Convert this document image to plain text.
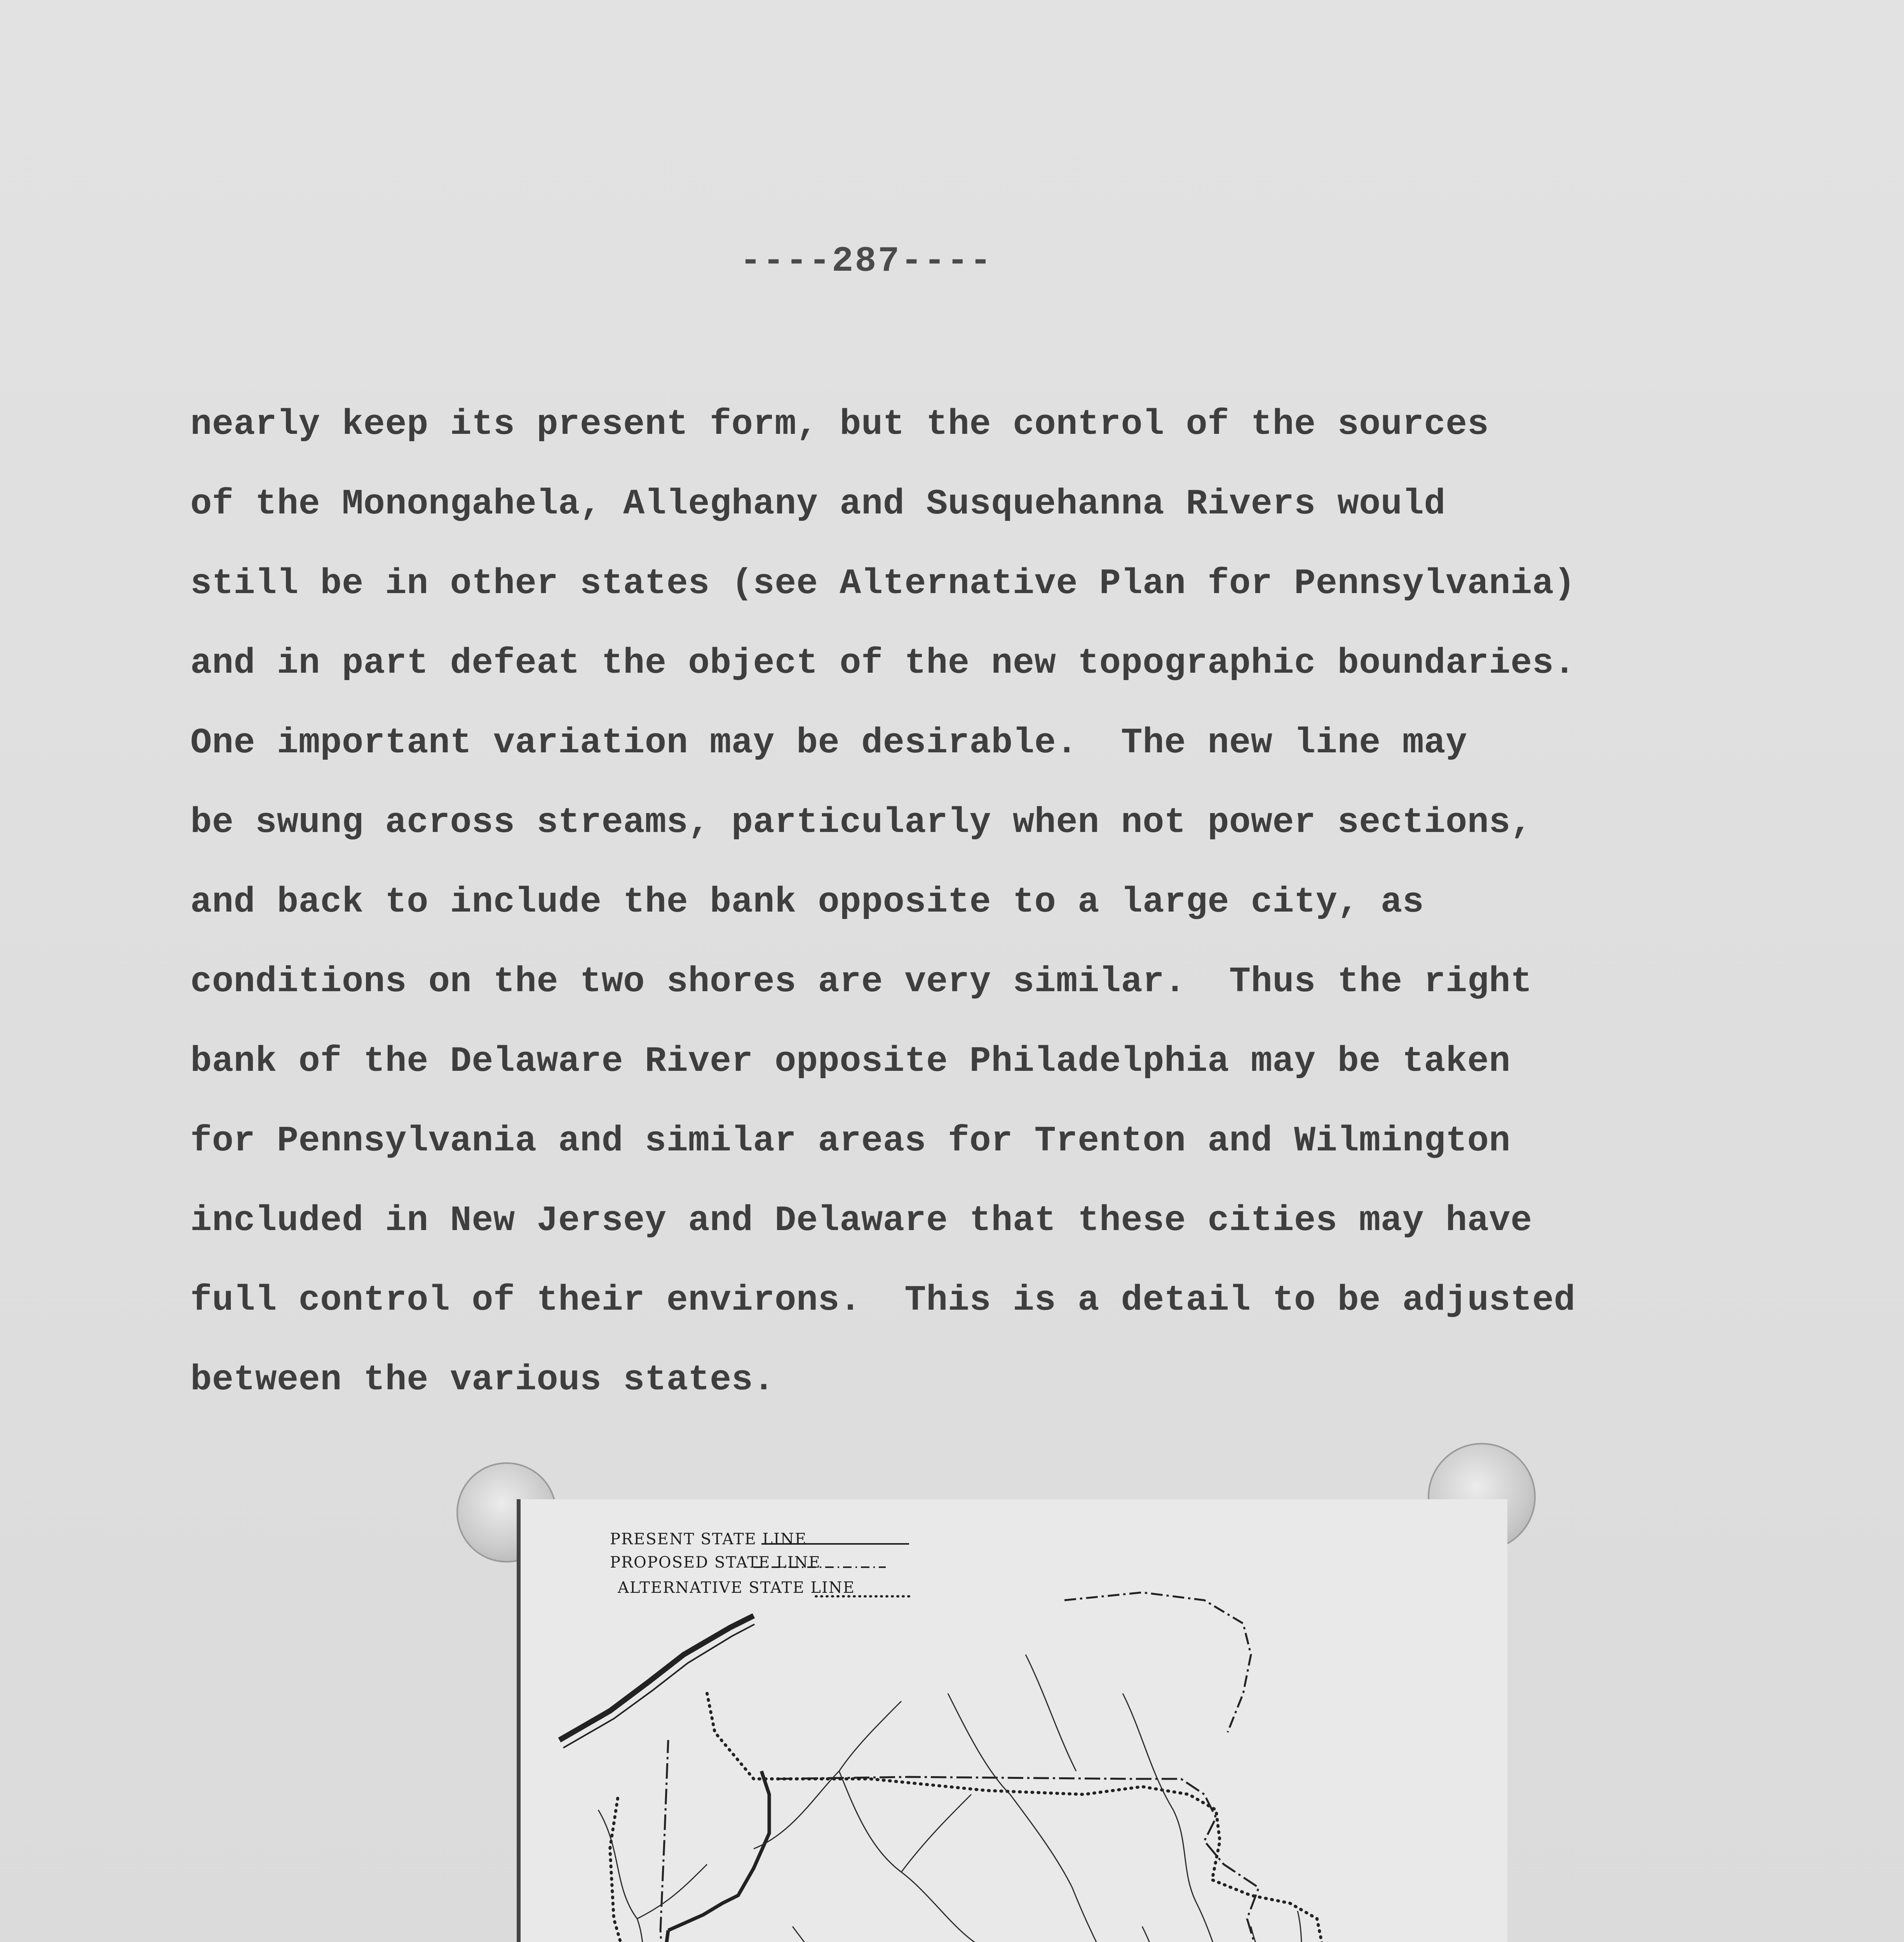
----287----
nearly keep its present form, but the control of the sources
of the Monongahela, Alleghany and Susquehanna Rivers would
still be in other states (see Alternative Plan for Pennsylvania)
and in part defeat the object of the new topographic boundaries.
One important variation may be desirable.  The new line may
be swung across streams, particularly when not power sections,
and back to include the bank opposite to a large city, as
conditions on the two shores are very similar.  Thus the right
bank of the Delaware River opposite Philadelphia may be taken
for Pennsylvania and similar areas for Trenton and Wilmington
included in New Jersey and Delaware that these cities may have
full control of their environs.  This is a detail to be adjusted
between the various states.
PRESENT STATE LINE
PROPOSED STATE LINE
ALTERNATIVE STATE LINE
